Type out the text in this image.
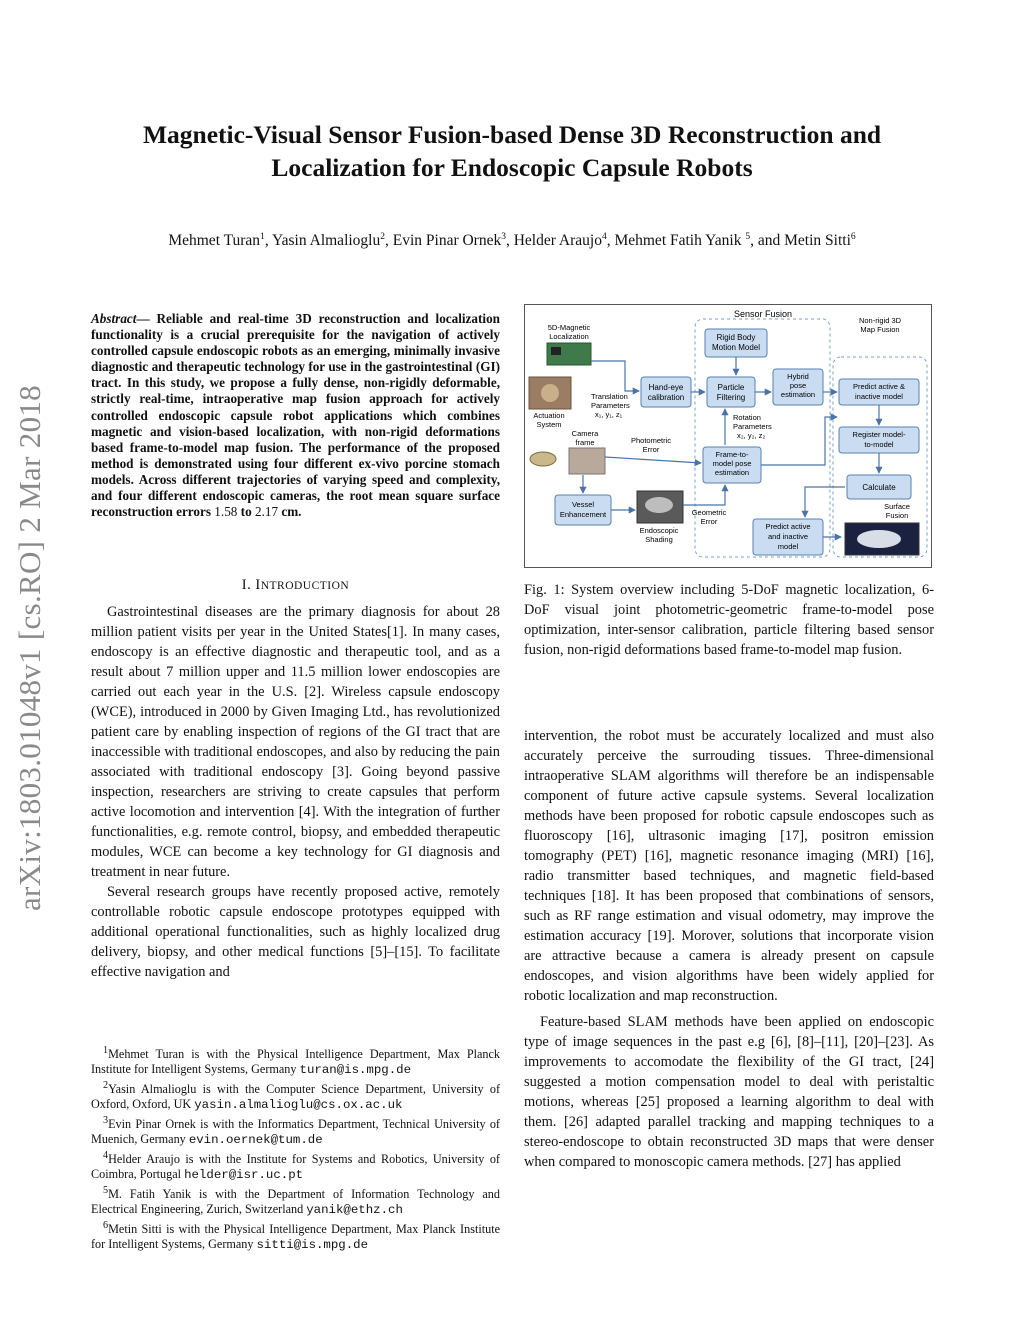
Magnetic-Visual Sensor Fusion-based Dense 3D Reconstruction and
Localization for Endoscopic Capsule Robots
Mehmet Turan$^1$, Yasin Almalioglu$^2$, Evin Pinar Ornek$^3$, Helder Araujo$^4$, Mehmet Fatih Yanik $^5$, and Metin Sitti$^6$
arXiv:1803.01048v1 [cs.RO] 2 Mar 2018
Abstract— Reliable and real-time 3D reconstruction and localization functionality is a crucial prerequisite for the navigation of actively controlled capsule endoscopic robots as an emerging, minimally invasive diagnostic and therapeutic technology for use in the gastrointestinal (GI) tract. In this study, we propose a fully dense, non-rigidly deformable, strictly real-time, intraoperative map fusion approach for actively controlled endoscopic capsule robot applications which combines magnetic and vision-based localization, with non-rigid deformations based frame-to-model map fusion. The performance of the proposed method is demonstrated using four different ex-vivo porcine stomach models. Across different trajectories of varying speed and complexity, and four different endoscopic cameras, the root mean square surface reconstruction errors 1.58 to 2.17 cm.
I. INTRODUCTION

Gastrointestinal diseases are the primary diagnosis for about 28 million patient visits per year in the United States[1]. In many cases, endoscopy is an effective diagnostic and therapeutic tool, and as a result about 7 million upper and 11.5 million lower endoscopies are carried out each year in the U.S. [2]. Wireless capsule endoscopy (WCE), introduced in 2000 by Given Imaging Ltd., has revolutionized patient care by enabling inspection of regions of the GI tract that are inaccessible with traditional endoscopes, and also by reducing the pain associated with traditional endoscopy [3]. Going beyond passive inspection, researchers are striving to create capsules that perform active locomotion and intervention [4]. With the integration of further functionalities, e.g. remote control, biopsy, and embedded therapeutic modules, WCE can become a key technology for GI diagnosis and treatment in near future.

Several research groups have recently proposed active, remotely controllable robotic capsule endoscope prototypes equipped with additional operational functionalities, such as highly localized drug delivery, biopsy, and other medical functions [5]–[15]. To facilitate effective navigation and

$^1$Mehmet Turan is with the Physical Intelligence Department, Max Planck Institute for Intelligent Systems, Germany turan@is.mpg.de
$^2$Yasin Almalioglu is with the Computer Science Department, University of Oxford, Oxford, UK yasin.almalioglu@cs.ox.ac.uk
$^3$Evin Pinar Ornek is with the Informatics Department, Technical University of Muenich, Germany evin.oernek@tum.de
$^4$Helder Araujo is with the Institute for Systems and Robotics, University of Coimbra, Portugal helder@isr.uc.pt
$^5$M. Fatih Yanik is with the Department of Information Technology and Electrical Engineering, Zurich, Switzerland yanik@ethz.ch
$^6$Metin Sitti is with the Physical Intelligence Department, Max Planck Institute for Intelligent Systems, Germany sitti@is.mpg.de
Sensor Fusion
5D-Magnetic
Localization
Actuation
System
Camera
frame
Translation
Parameters
x₁, y₁, z₁
Hand-eye
calibration
Rigid Body
Motion Model
Particle
Filtering
Hybrid
pose
estimation
Non-rigid 3D
Map Fusion
Predict active &
inactive model
Rotation
Parameters
x₂, y₂, z₂	Register model-
to-model
Photometric
Error
Frame-to-
model pose
estimation
Calculate
Vessel
Enhancement
Endoscopic
Shading
Geometric
Error
Predict active
and inactive
model
Surface
Fusion
Fig. 1: System overview including 5-DoF magnetic localization, 6-DoF visual joint photometric-geometric frame-to-model pose optimization, inter-sensor calibration, particle filtering based sensor fusion, non-rigid deformations based frame-to-model map fusion.

intervention, the robot must be accurately localized and must also accurately perceive the surrouding tissues. Three-dimensional intraoperative SLAM algorithms will therefore be an indispensable component of future active capsule systems. Several localization methods have been proposed for robotic capsule endoscopes such as fluoroscopy [16], ultrasonic imaging [17], positron emission tomography (PET) [16], magnetic resonance imaging (MRI) [16], radio transmitter based techniques, and magnetic field-based techniques [18]. It has been proposed that combinations of sensors, such as RF range estimation and visual odometry, may improve the estimation accuracy [19]. Morover, solutions that incorporate vision are attractive because a camera is already present on capsule endoscopes, and vision algorithms have been widely applied for robotic localization and map reconstruction.

Feature-based SLAM methods have been applied on endoscopic type of image sequences in the past e.g [6], [8]–[11], [20]–[23]. As improvements to accomodate the flexibility of the GI tract, [24] suggested a motion compensation model to deal with peristaltic motions, whereas [25] proposed a learning algorithm to deal with them. [26] adapted parallel tracking and mapping techniques to a stereo-endoscope to obtain reconstructed 3D maps that were denser when compared to monoscopic camera methods. [27] has applied
